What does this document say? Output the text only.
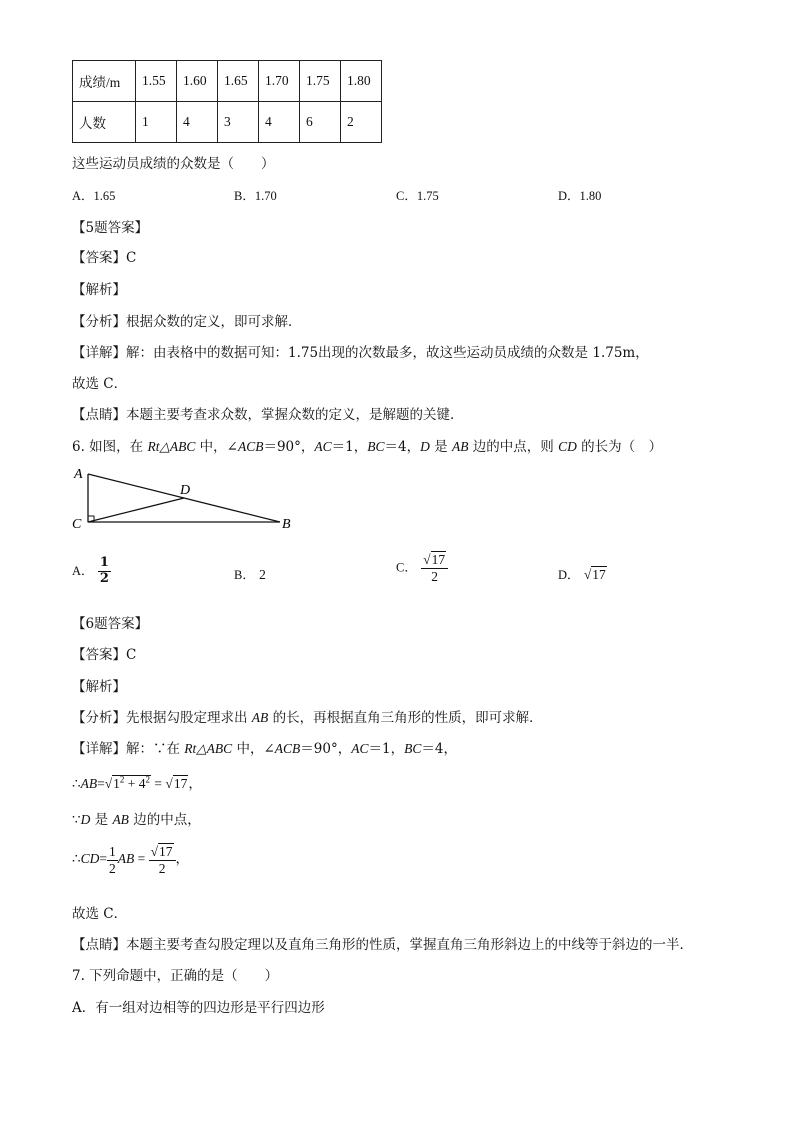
成绩/m	1.55	1.60	1.65	1.70	1.75	1.80
人数	1	4	3	4	6	2
这些运动员成绩的众数是（　　）
A．1.65	B．1.70	C．1.75	D．1.80
【5题答案】
【答案】C
【解析】
【分析】根据众数的定义，即可求解．
【详解】解：由表格中的数据可知：1.75出现的次数最多，故这些运动员成绩的众数是 1.75m，
故选 C．
【点睛】本题主要考查求众数，掌握众数的定义，是解题的关键．
6. 如图，在 Rt△ABC 中，∠ACB＝90°，AC＝1，BC＝4，D 是 AB 边的中点，则 CD 的长为（　）
A
D
C	B
A． $\frac{1}{2}$	B． 2	C． $\frac{√17}{2}$	D． √17
【6题答案】
【答案】C
【解析】
【分析】先根据勾股定理求出 AB 的长，再根据直角三角形的性质，即可求解．
【详解】解：∵在 Rt△ABC 中，∠ACB＝90°，AC＝1，BC＝4，
$\therefore AB=√1^2 + 4^2 = √17$，
∵D 是 AB 边的中点，
∴CD= $\frac{1}{2}$ AB = $\frac{√17}{2}$ ，
故选 C．
【点睛】本题主要考查勾股定理以及直角三角形的性质，掌握直角三角形斜边上的中线等于斜边的一半．
7. 下列命题中，正确的是（　　）
A．有一组对边相等的四边形是平行四边形
